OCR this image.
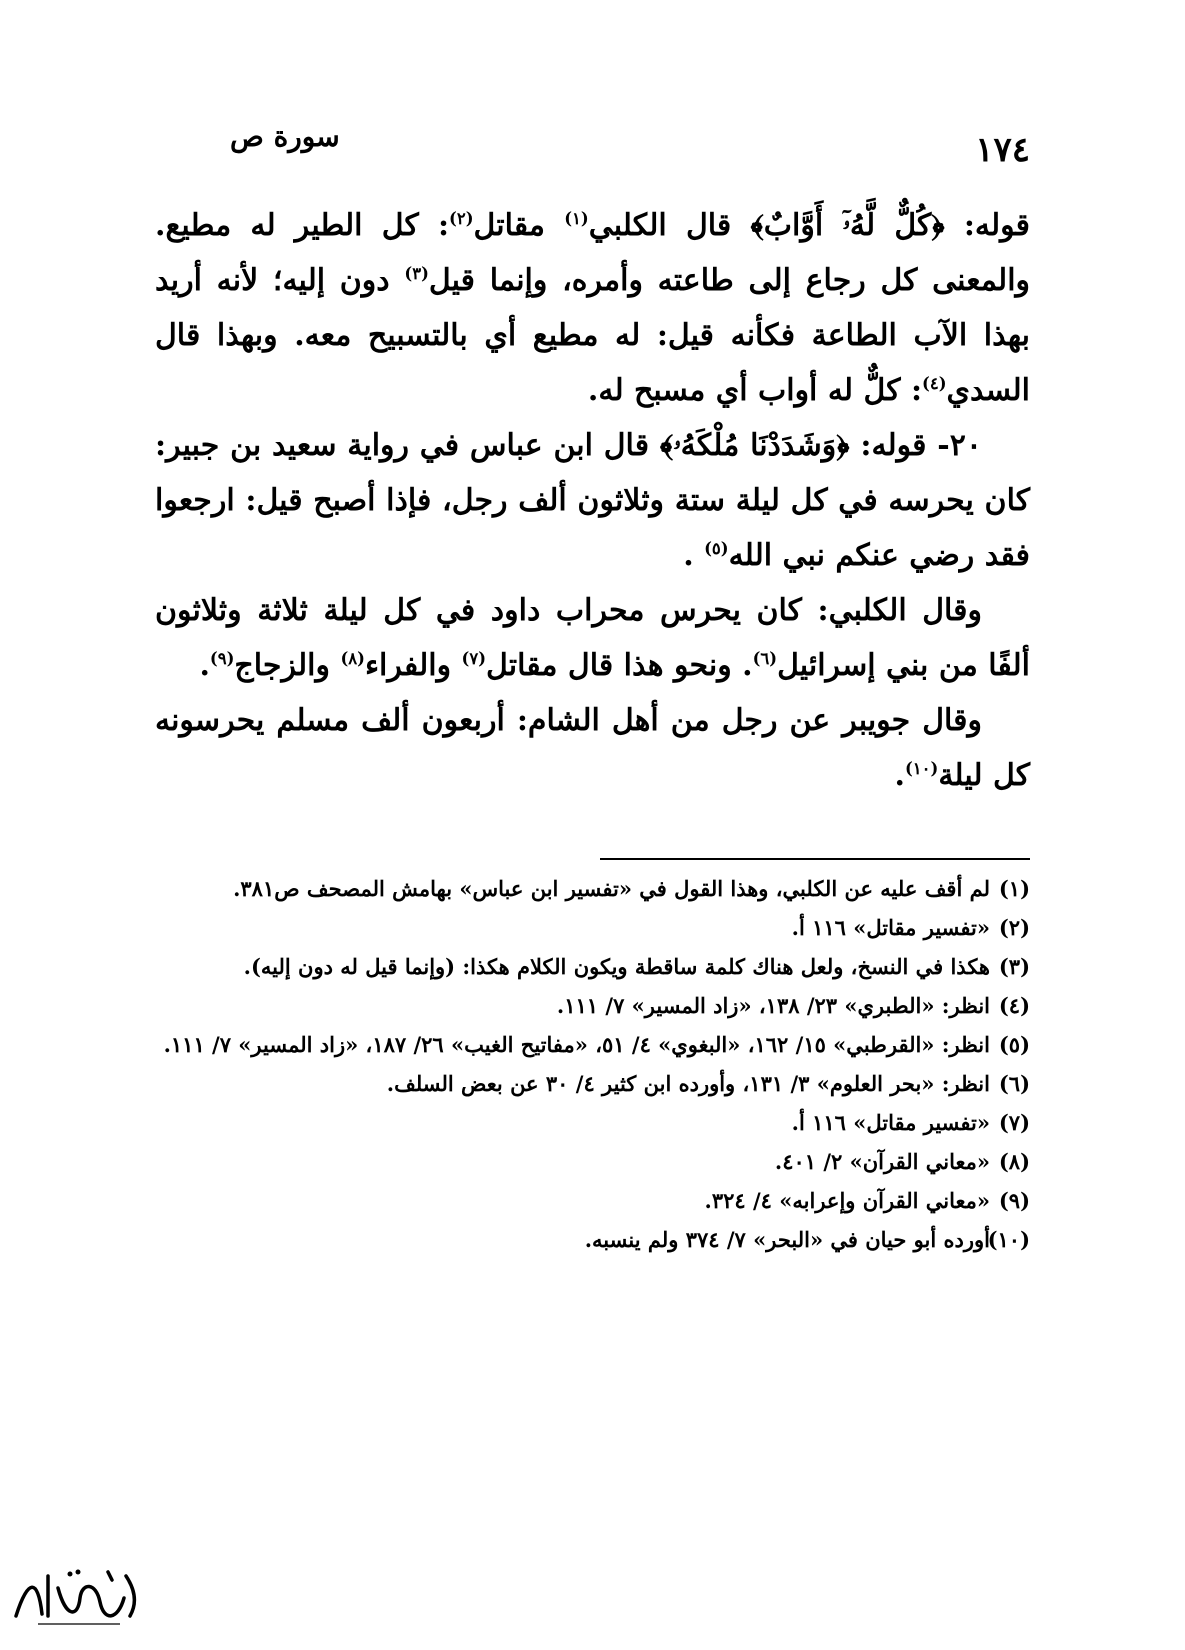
١٧٤
سورة ص

قوله: ﴿كُلٌّ لَّهُۥٓ أَوَّابٌ﴾ قال الكلبي$^{(١)}$ مقاتل$^{(٢)}$: كل الطير له مطيع. والمعنى كل رجاع إلى طاعته وأمره، وإنما قيل$^{(٣)}$ دون إليه؛ لأنه أريد بهذا الآب الطاعة فكأنه قيل: له مطيع أي بالتسبيح معه. وبهذا قال السدي$^{(٤)}$: كلٌّ له أواب أي مسبح له.

٢٠- قوله: ﴿وَشَدَدْنَا مُلْكَهُۥ﴾ قال ابن عباس في رواية سعيد بن جبير: كان يحرسه في كل ليلة ستة وثلاثون ألف رجل، فإذا أصبح قيل: ارجعوا فقد رضي عنكم نبي الله$^{(٥)}$ .

وقال الكلبي: كان يحرس محراب داود في كل ليلة ثلاثة وثلاثون ألفًا من بني إسرائيل$^{(٦)}$. ونحو هذا قال مقاتل$^{(٧)}$ والفراء$^{(٨)}$ والزجاج$^{(٩)}$.

وقال جويبر عن رجل من أهل الشام: أربعون ألف مسلم يحرسونه كل ليلة$^{(١٠)}$.

(١)لم أقف عليه عن الكلبي، وهذا القول في «تفسير ابن عباس» بهامش المصحف ص٣٨١.

(٢)«تفسير مقاتل» ١١٦ أ.

(٣)هكذا في النسخ، ولعل هناك كلمة ساقطة ويكون الكلام هكذا: (وإنما قيل له دون إليه).

(٤)انظر: «الطبري» ٢٣/ ١٣٨، «زاد المسير» ٧/ ١١١.

(٥)انظر: «القرطبي» ١٥/ ١٦٢، «البغوي» ٤/ ٥١، «مفاتيح الغيب» ٢٦/ ١٨٧، «زاد المسير» ٧/ ١١١.

(٦)انظر: «بحر العلوم» ٣/ ١٣١، وأورده ابن كثير ٤/ ٣٠ عن بعض السلف.

(٧)«تفسير مقاتل» ١١٦ أ.

(٨)«معاني القرآن» ٢/ ٤٠١.

(٩)«معاني القرآن وإعرابه» ٤/ ٣٢٤.

(١٠)أورده أبو حيان في «البحر» ٧/ ٣٧٤ ولم ينسبه.
